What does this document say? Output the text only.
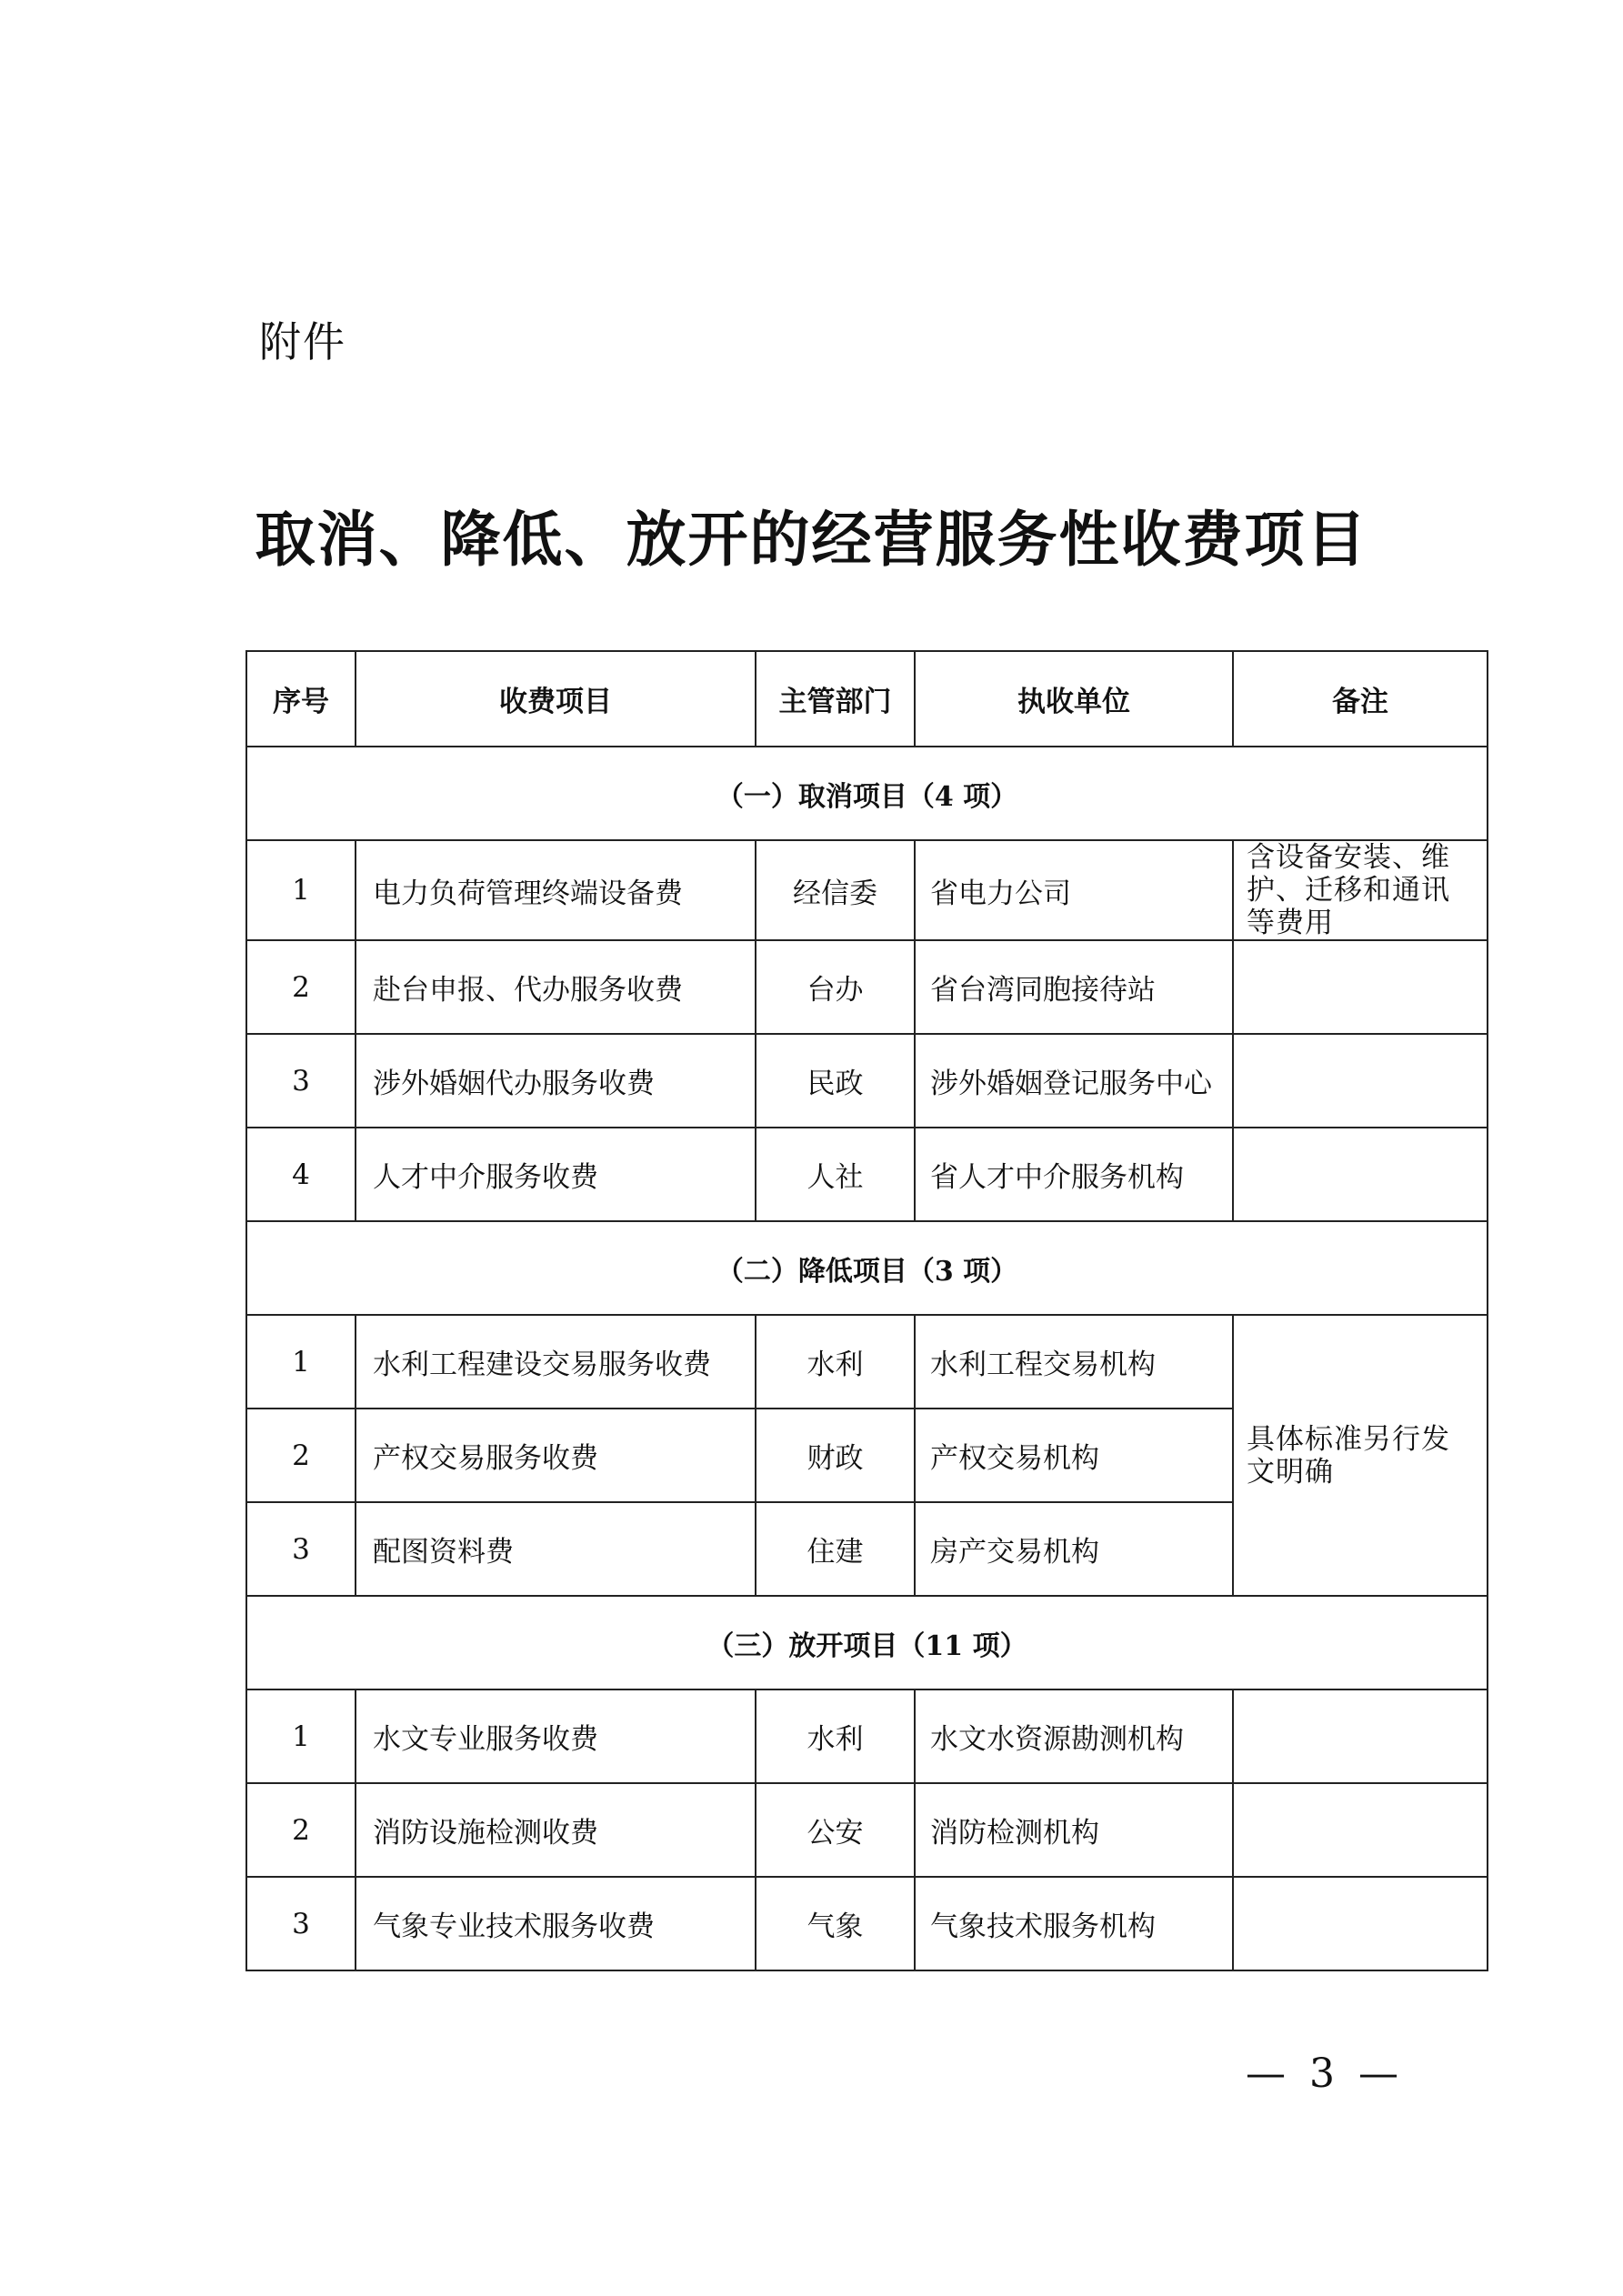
附件
取消、降低、放开的经营服务性收费项目
序号	收费项目	主管部门	执收单位	备注
（一）取消项目（4 项）				
1	电力负荷管理终端设备费	经信委	省电力公司	含设备安装、维护、迁移和通讯等费用
2	赴台申报、代办服务收费	台办	省台湾同胞接待站	
3	涉外婚姻代办服务收费	民政	涉外婚姻登记服务中心	
4	人才中介服务收费	人社	省人才中介服务机构	
（二）降低项目（3 项）				
1	水利工程建设交易服务收费	水利	水利工程交易机构	具体标准另行发文明确
2	产权交易服务收费	财政	产权交易机构	
3	配图资料费	住建	房产交易机构	
（三）放开项目（11 项）				
1	水文专业服务收费	水利	水文水资源勘测机构	
2	消防设施检测收费	公安	消防检测机构	
3	气象专业技术服务收费	气象	气象技术服务机构	
— 3 —
